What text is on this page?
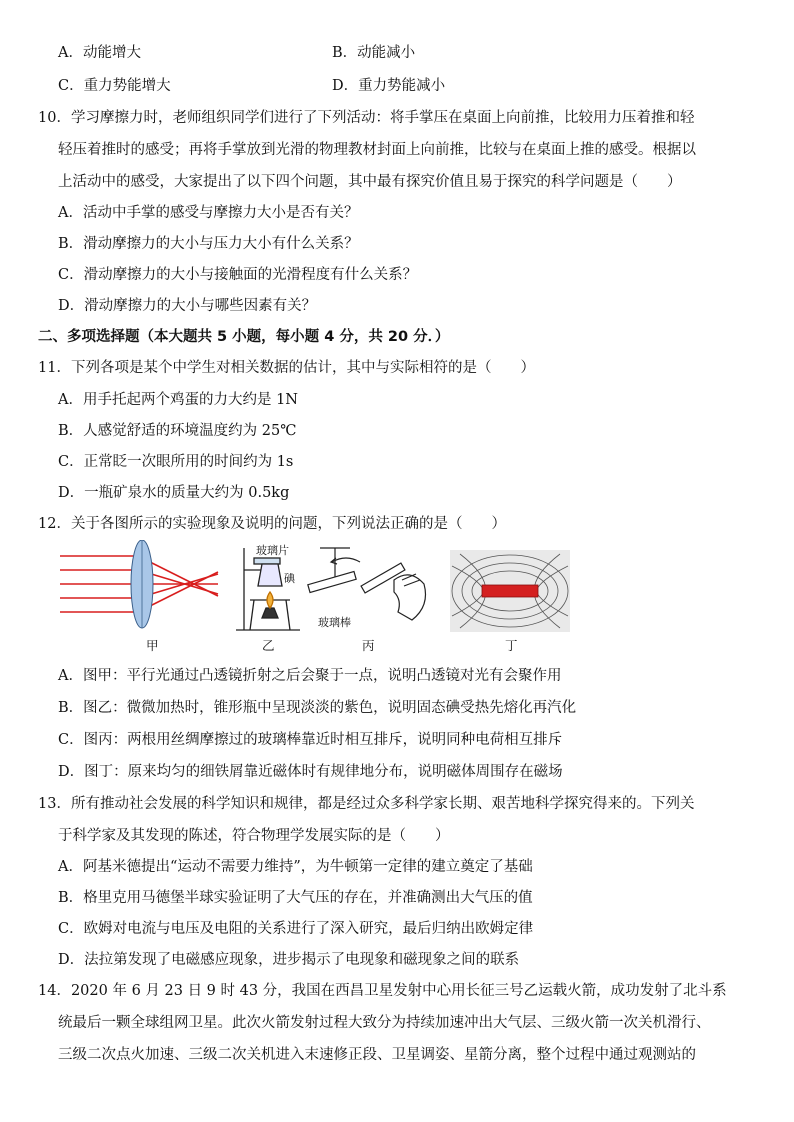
A．动能增大	B．动能减小
C．重力势能增大	D．重力势能减小
10．学习摩擦力时，老师组织同学们进行了下列活动：将手掌压在桌面上向前推，比较用力压着推和轻
轻压着推时的感受；再将手掌放到光滑的物理教材封面上向前推，比较与在桌面上推的感受。根据以
上活动中的感受，大家提出了以下四个问题，其中最有探究价值且易于探究的科学问题是（　　）
A．活动中手掌的感受与摩擦力大小是否有关？
B．滑动摩擦力的大小与压力大小有什么关系？
C．滑动摩擦力的大小与接触面的光滑程度有什么关系？
D．滑动摩擦力的大小与哪些因素有关？
二、多项选择题（本大题共 5 小题，每小题 4 分，共 20 分．）
11．下列各项是某个中学生对相关数据的估计，其中与实际相符的是（　　）
A．用手托起两个鸡蛋的力大约是 1N
B．人感觉舒适的环境温度约为 25℃
C．正常眨一次眼所用的时间约为 1s
D．一瓶矿泉水的质量大约为 0.5kg
12．关于各图所示的实验现象及说明的问题，下列说法正确的是（　　）
玻璃片
碘
玻璃棒
甲	乙	丙	丁
A．图甲：平行光通过凸透镜折射之后会聚于一点，说明凸透镜对光有会聚作用
B．图乙：微微加热时，锥形瓶中呈现淡淡的紫色，说明固态碘受热先熔化再汽化
C．图丙：两根用丝绸摩擦过的玻璃棒靠近时相互排斥，说明同种电荷相互排斥
D．图丁：原来均匀的细铁屑靠近磁体时有规律地分布，说明磁体周围存在磁场
13．所有推动社会发展的科学知识和规律，都是经过众多科学家长期、艰苦地科学探究得来的。下列关
于科学家及其发现的陈述，符合物理学发展实际的是（　　）
A．阿基米德提出“运动不需要力维持”，为牛顿第一定律的建立奠定了基础
B．格里克用马德堡半球实验证明了大气压的存在，并准确测出大气压的值
C．欧姆对电流与电压及电阻的关系进行了深入研究，最后归纳出欧姆定律
D．法拉第发现了电磁感应现象，进步揭示了电现象和磁现象之间的联系
14．2020 年 6 月 23 日 9 时 43 分，我国在西昌卫星发射中心用长征三号乙运载火箭，成功发射了北斗系
统最后一颗全球组网卫星。此次火箭发射过程大致分为持续加速冲出大气层、三级火箭一次关机滑行、
三级二次点火加速、三级二次关机进入末速修正段、卫星调姿、星箭分离，整个过程中通过观测站的
